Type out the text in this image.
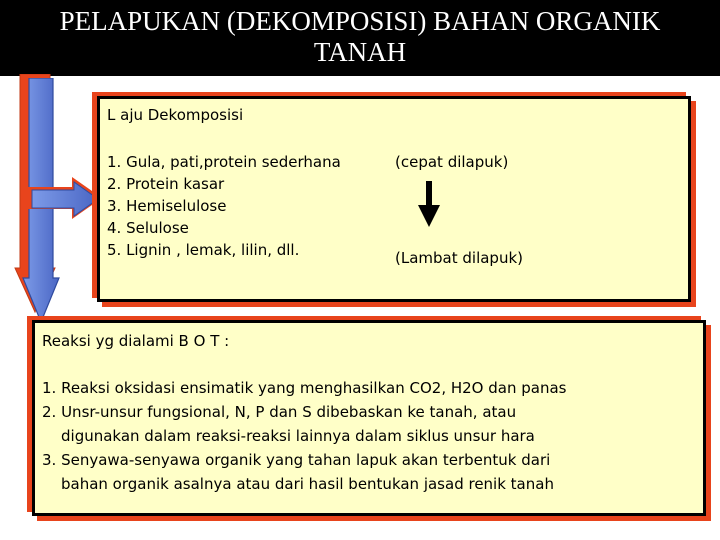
PELAPUKAN (DEKOMPOSISI) BAHAN ORGANIK
TANAH
L aju Dekomposisi
1. Gula, pati,protein sederhana
2. Protein kasar
3. Hemiselulose
4. Selulose
5. Lignin , lemak, lilin, dll.
(cepat dilapuk)
(Lambat dilapuk)
Reaksi yg dialami B O T :
1. Reaksi oksidasi ensimatik yang menghasilkan CO2, H2O dan panas
2. Unsr-unsur fungsional, N, P dan S dibebaskan ke tanah, atau
digunakan dalam reaksi-reaksi lainnya dalam siklus unsur hara
3. Senyawa-senyawa organik yang tahan lapuk akan terbentuk dari
bahan organik asalnya atau dari hasil bentukan jasad renik tanah
